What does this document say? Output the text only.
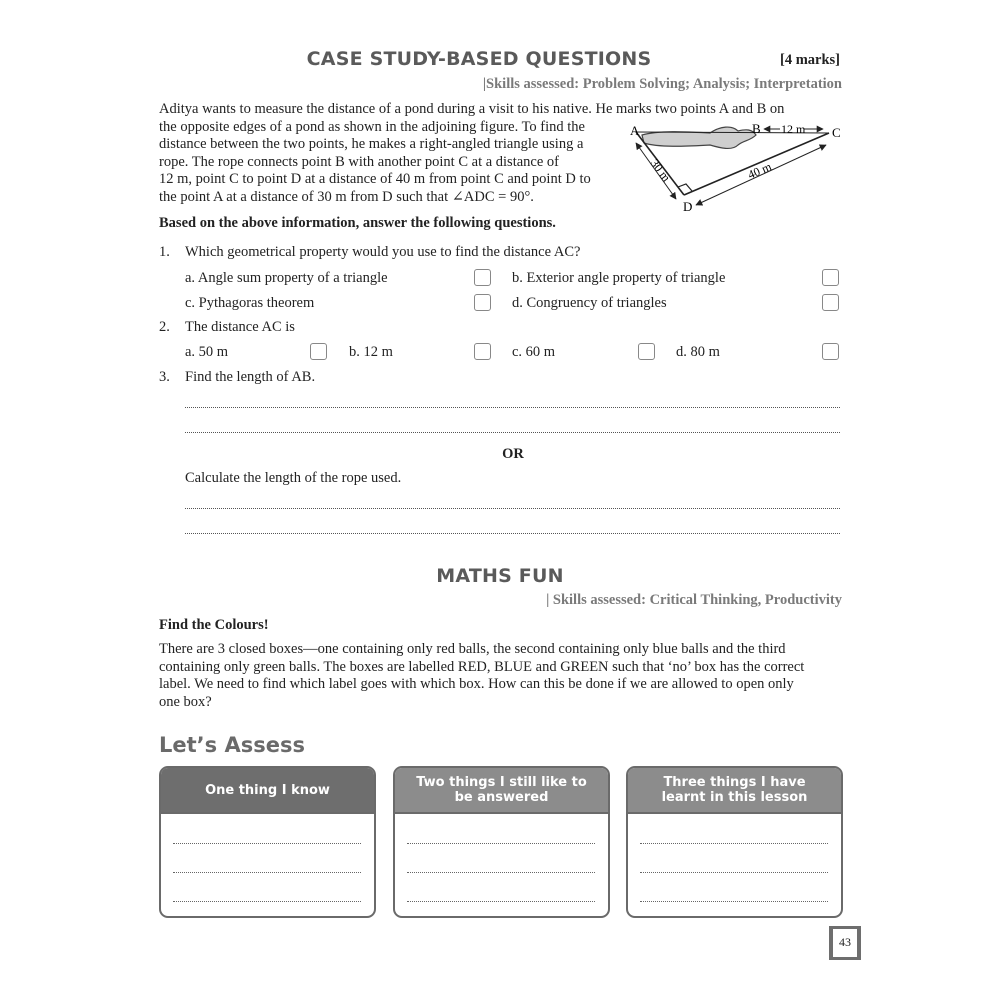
CASE STUDY-BASED QUESTIONS	[4 marks]
|Skills assessed: Problem Solving; Analysis; Interpretation
Aditya wants to measure the distance of a pond during a visit to his native. He marks two points A and B on
the opposite edges of a pond as shown in the adjoining figure. To find the
distance between the two points, he makes a right-angled triangle using a
rope. The rope connects point B with another point C at a distance of
12 m, point C to point D at a distance of 40 m from point C and point D to
the point A at a distance of 30 m from D such that ∠ADC = 90°.
A	B	C
D
12 m
40 m
30 m
Based on the above information, answer the following questions.
1. Which geometrical property would you use to find the distance AC?
a. Angle sum property of a triangle	b. Exterior angle property of triangle
c. Pythagoras theorem	d. Congruency of triangles
2. The distance AC is
a. 50 m	b. 12 m	c. 60 m	d. 80 m
3. Find the length of AB.
OR
Calculate the length of the rope used.
MATHS FUN
| Skills assessed: Critical Thinking, Productivity
Find the Colours!
There are 3 closed boxes—one containing only red balls, the second containing only blue balls and the third
containing only green balls. The boxes are labelled RED, BLUE and GREEN such that ‘no’ box has the correct
label. We need to find which label goes with which box. How can this be done if we are allowed to open only
one box?
Let’s Assess
One thing I know	Two things I still like to be answered
Three things I have learnt in this lesson
43
